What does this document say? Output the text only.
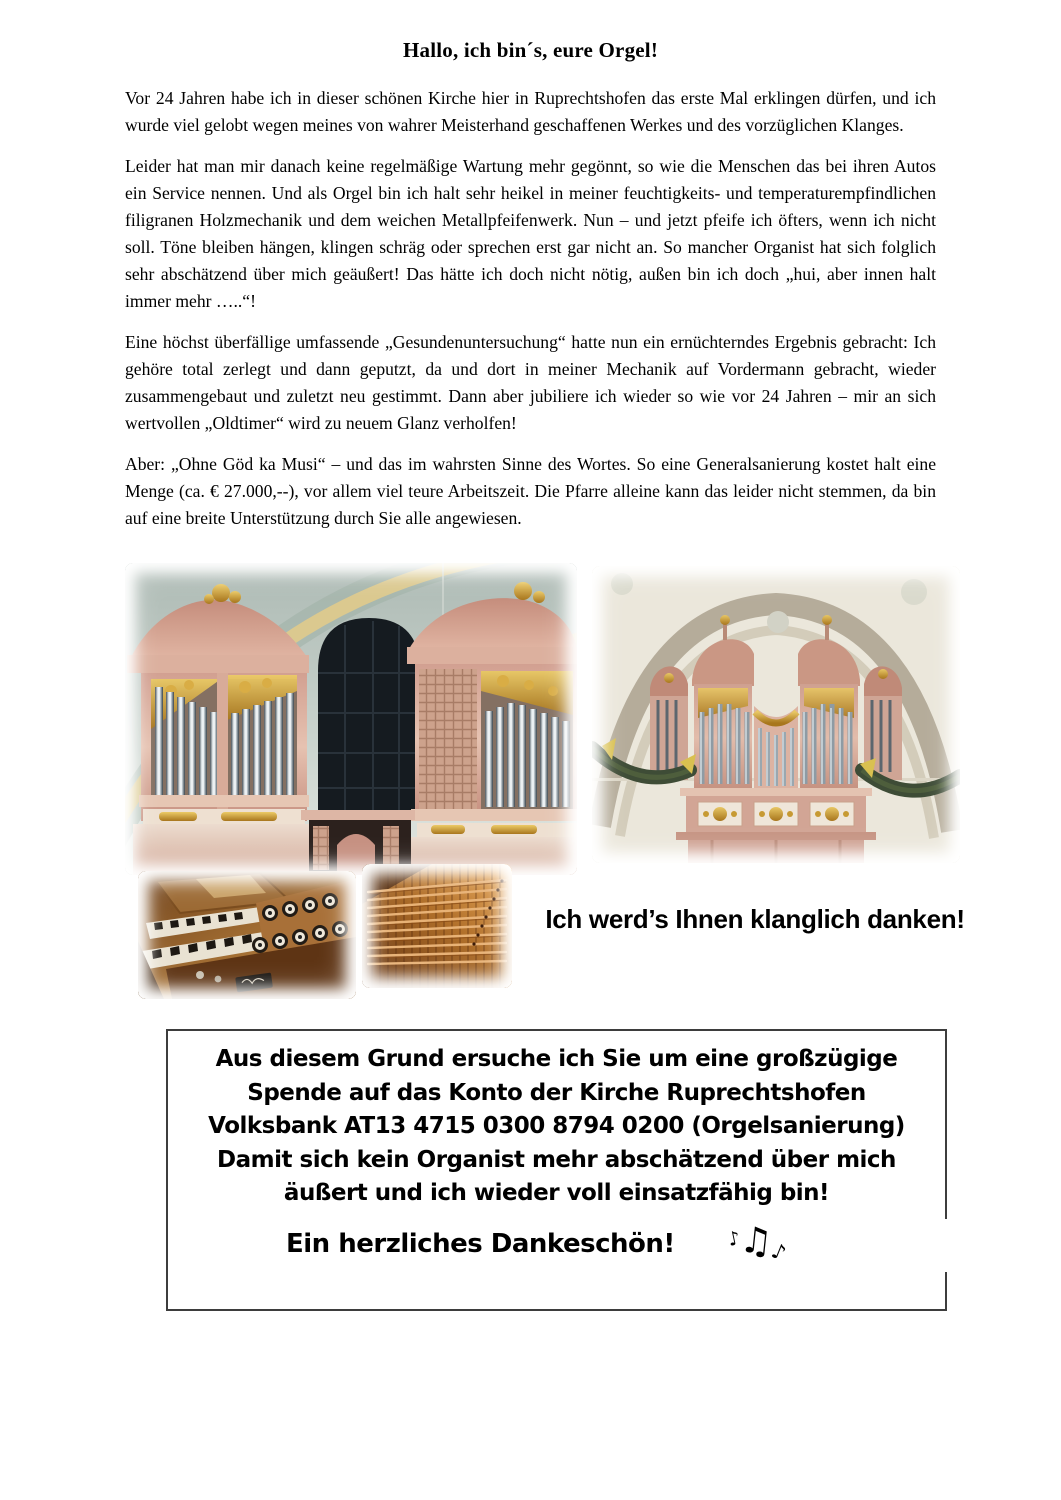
Hallo, ich bin´s, eure Orgel!

Vor 24 Jahren habe ich in dieser schönen Kirche hier in Ruprechtshofen das erste Mal erklingen dürfen, und ich wurde viel gelobt wegen meines von wahrer Meisterhand geschaffenen Werkes und des vorzüglichen Klanges.

Leider hat man mir danach keine regelmäßige Wartung mehr gegönnt, so wie die Menschen das bei ihren Autos ein Service nennen. Und als Orgel bin ich halt sehr heikel in meiner feuchtigkeits- und temperaturempfindlichen filigranen Holzmechanik und dem weichen Metallpfeifenwerk. Nun – und jetzt pfeife ich öfters, wenn ich nicht soll. Töne bleiben hängen, klingen schräg oder sprechen erst gar nicht an. So mancher Organist hat sich folglich sehr abschätzend über mich geäußert! Das hätte ich doch nicht nötig, außen bin ich doch „hui, aber innen halt immer mehr …..“!

Eine höchst überfällige umfassende „Gesundenuntersuchung“ hatte nun ein ernüchterndes Ergebnis gebracht: Ich gehöre total zerlegt und dann geputzt, da und dort in meiner Mechanik auf Vordermann gebracht, wieder zusammengebaut und zuletzt neu gestimmt. Dann aber jubiliere ich wieder so wie vor 24 Jahren – mir an sich wertvollen „Oldtimer“ wird zu neuem Glanz verholfen!

Aber: „Ohne Göd ka Musi“ – und das im wahrsten Sinne des Wortes. So eine Generalsanierung kostet halt eine Menge (ca. € 27.000,--), vor allem viel teure Arbeitszeit. Die Pfarre alleine kann das leider nicht stemmen, da bin auf eine breite Unterstützung durch Sie alle angewiesen.

Ich werd’s Ihnen klanglich danken!
Aus diesem Grund ersuche ich Sie um eine großzügige
Spende auf das Konto der Kirche Ruprechtshofen
Volksbank AT13 4715 0300 8794 0200 (Orgelsanierung)
Damit sich kein Organist mehr abschätzend über mich
äußert und ich wieder voll einsatzfähig bin!
Ein herzliches Dankeschön!	♪♫♪
